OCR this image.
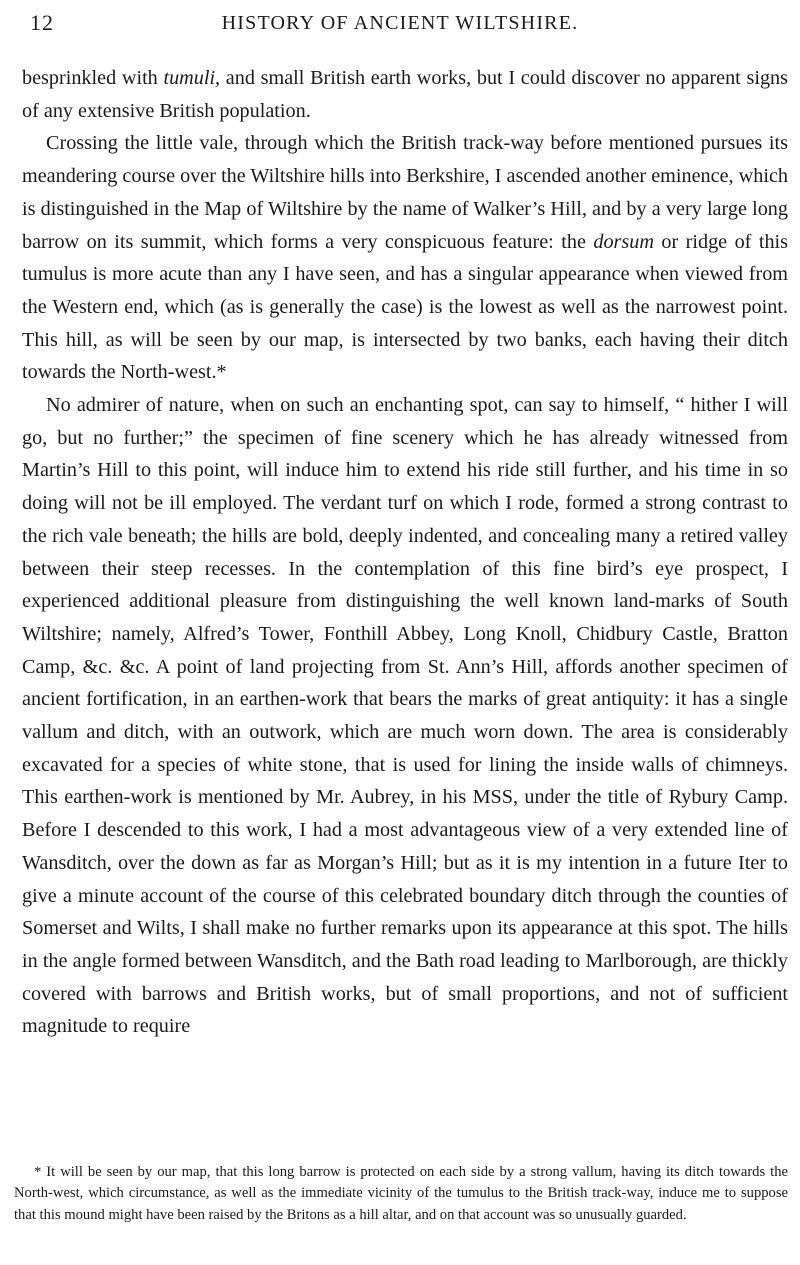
12	HISTORY OF ANCIENT WILTSHIRE.

besprinkled with tumuli, and small British earth works, but I could discover no apparent signs of any extensive British population.

Crossing the little vale, through which the British track-way before mentioned pursues its meandering course over the Wiltshire hills into Berkshire, I ascended another eminence, which is distinguished in the Map of Wiltshire by the name of Walker’s Hill, and by a very large long barrow on its summit, which forms a very conspicuous feature: the dorsum or ridge of this tumulus is more acute than any I have seen, and has a singular appearance when viewed from the Western end, which (as is generally the case) is the lowest as well as the narrowest point. This hill, as will be seen by our map, is intersected by two banks, each having their ditch towards the North-west.*

No admirer of nature, when on such an enchanting spot, can say to himself, “ hither I will go, but no further;” the specimen of fine scenery which he has already witnessed from Martin’s Hill to this point, will induce him to extend his ride still further, and his time in so doing will not be ill employed. The verdant turf on which I rode, formed a strong contrast to the rich vale beneath; the hills are bold, deeply indented, and concealing many a retired valley between their steep recesses. In the contemplation of this fine bird’s eye prospect, I experienced additional pleasure from distinguishing the well known land-marks of South Wiltshire; namely, Alfred’s Tower, Fonthill Abbey, Long Knoll, Chidbury Castle, Bratton Camp, &c. &c. A point of land projecting from St. Ann’s Hill, affords another specimen of ancient fortification, in an earthen-work that bears the marks of great antiquity: it has a single vallum and ditch, with an outwork, which are much worn down. The area is considerably excavated for a species of white stone, that is used for lining the inside walls of chimneys. This earthen-work is mentioned by Mr. Aubrey, in his MSS, under the title of Rybury Camp. Before I descended to this work, I had a most advantageous view of a very extended line of Wansditch, over the down as far as Morgan’s Hill; but as it is my intention in a future Iter to give a minute account of the course of this celebrated boundary ditch through the counties of Somerset and Wilts, I shall make no further remarks upon its appearance at this spot. The hills in the angle formed between Wansditch, and the Bath road leading to Marlborough, are thickly covered with barrows and British works, but of small proportions, and not of sufficient magnitude to require

* It will be seen by our map, that this long barrow is protected on each side by a strong vallum, having its ditch towards the North-west, which circumstance, as well as the immediate vicinity of the tumulus to the British track-way, induce me to suppose that this mound might have been raised by the Britons as a hill altar, and on that account was so unusually guarded.
